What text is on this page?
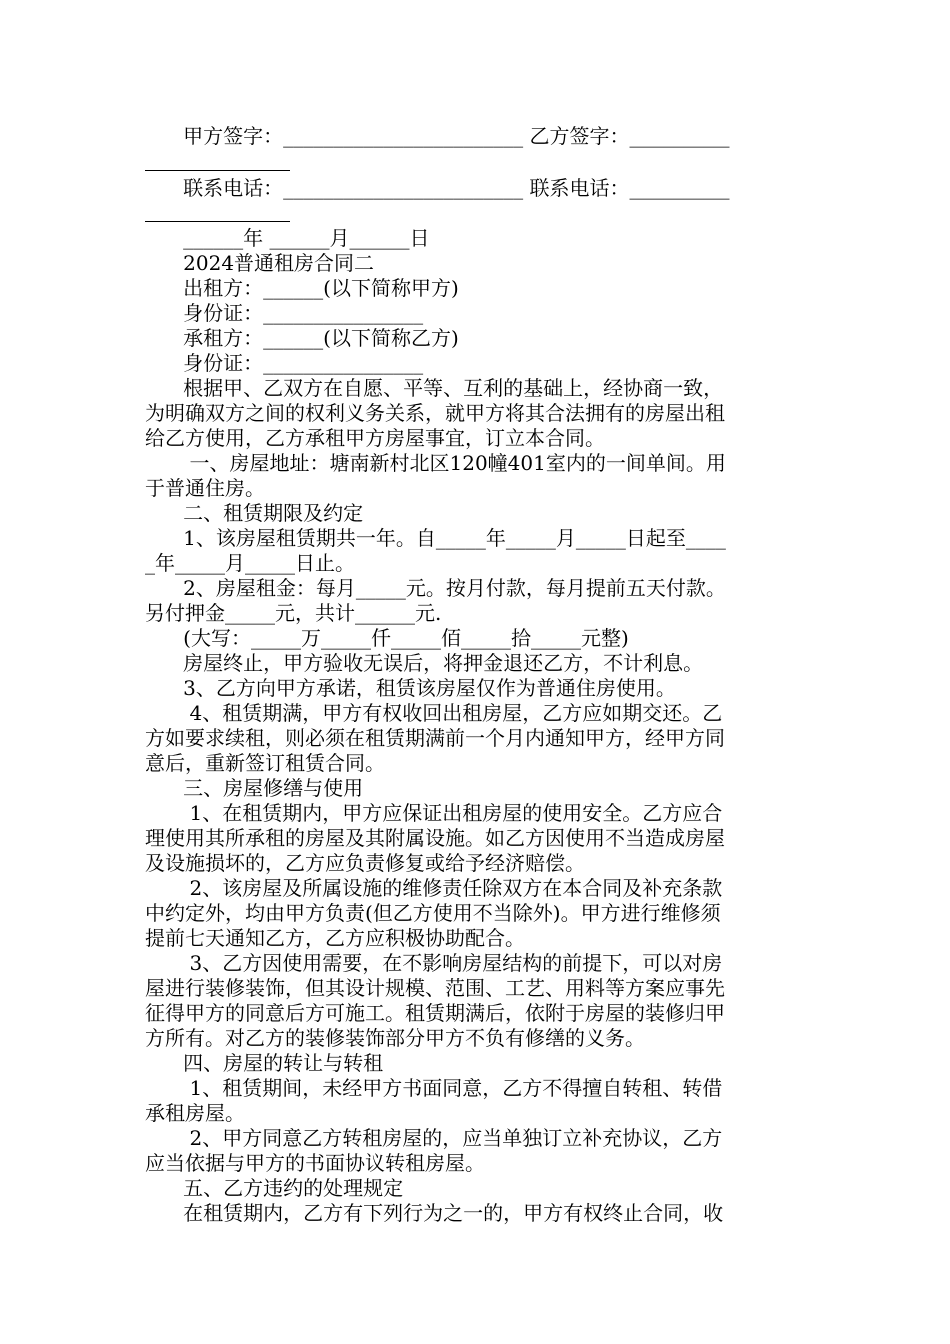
甲方签字：________________________ 乙方签字：__________
联系电话：________________________ 联系电话：__________
______年 ______月______日
2024普通租房合同二
出租方：______(以下简称甲方)
身份证：________________
承租方：______(以下简称乙方)
身份证：________________
根据甲、乙双方在自愿、平等、互利的基础上，经协商一致，
为明确双方之间的权利义务关系，就甲方将其合法拥有的房屋出租
给乙方使用，乙方承租甲方房屋事宜，订立本合同。
一、房屋地址：塘南新村北区120幢401室内的一间单间。用
于普通住房。
二、租赁期限及约定
1、该房屋租赁期共一年。自_____年_____月_____日起至____
_年_____月_____日止。
2、房屋租金：每月_____元。按月付款，每月提前五天付款。
另付押金_____元，共计______元.
(大写：_____万_____仟_____佰_____拾_____元整)
房屋终止，甲方验收无误后，将押金退还乙方，不计利息。
3、乙方向甲方承诺，租赁该房屋仅作为普通住房使用。
4、租赁期满，甲方有权收回出租房屋，乙方应如期交还。乙
方如要求续租，则必须在租赁期满前一个月内通知甲方，经甲方同
意后，重新签订租赁合同。
三、房屋修缮与使用
1、在租赁期内，甲方应保证出租房屋的使用安全。乙方应合
理使用其所承租的房屋及其附属设施。如乙方因使用不当造成房屋
及设施损坏的，乙方应负责修复或给予经济赔偿。
2、该房屋及所属设施的维修责任除双方在本合同及补充条款
中约定外，均由甲方负责(但乙方使用不当除外)。甲方进行维修须
提前七天通知乙方，乙方应积极协助配合。
3、乙方因使用需要，在不影响房屋结构的前提下，可以对房
屋进行装修装饰，但其设计规模、范围、工艺、用料等方案应事先
征得甲方的同意后方可施工。租赁期满后，依附于房屋的装修归甲
方所有。对乙方的装修装饰部分甲方不负有修缮的义务。
四、房屋的转让与转租
1、租赁期间，未经甲方书面同意，乙方不得擅自转租、转借
承租房屋。
2、甲方同意乙方转租房屋的，应当单独订立补充协议，乙方
应当依据与甲方的书面协议转租房屋。
五、乙方违约的处理规定
在租赁期内，乙方有下列行为之一的，甲方有权终止合同，收
